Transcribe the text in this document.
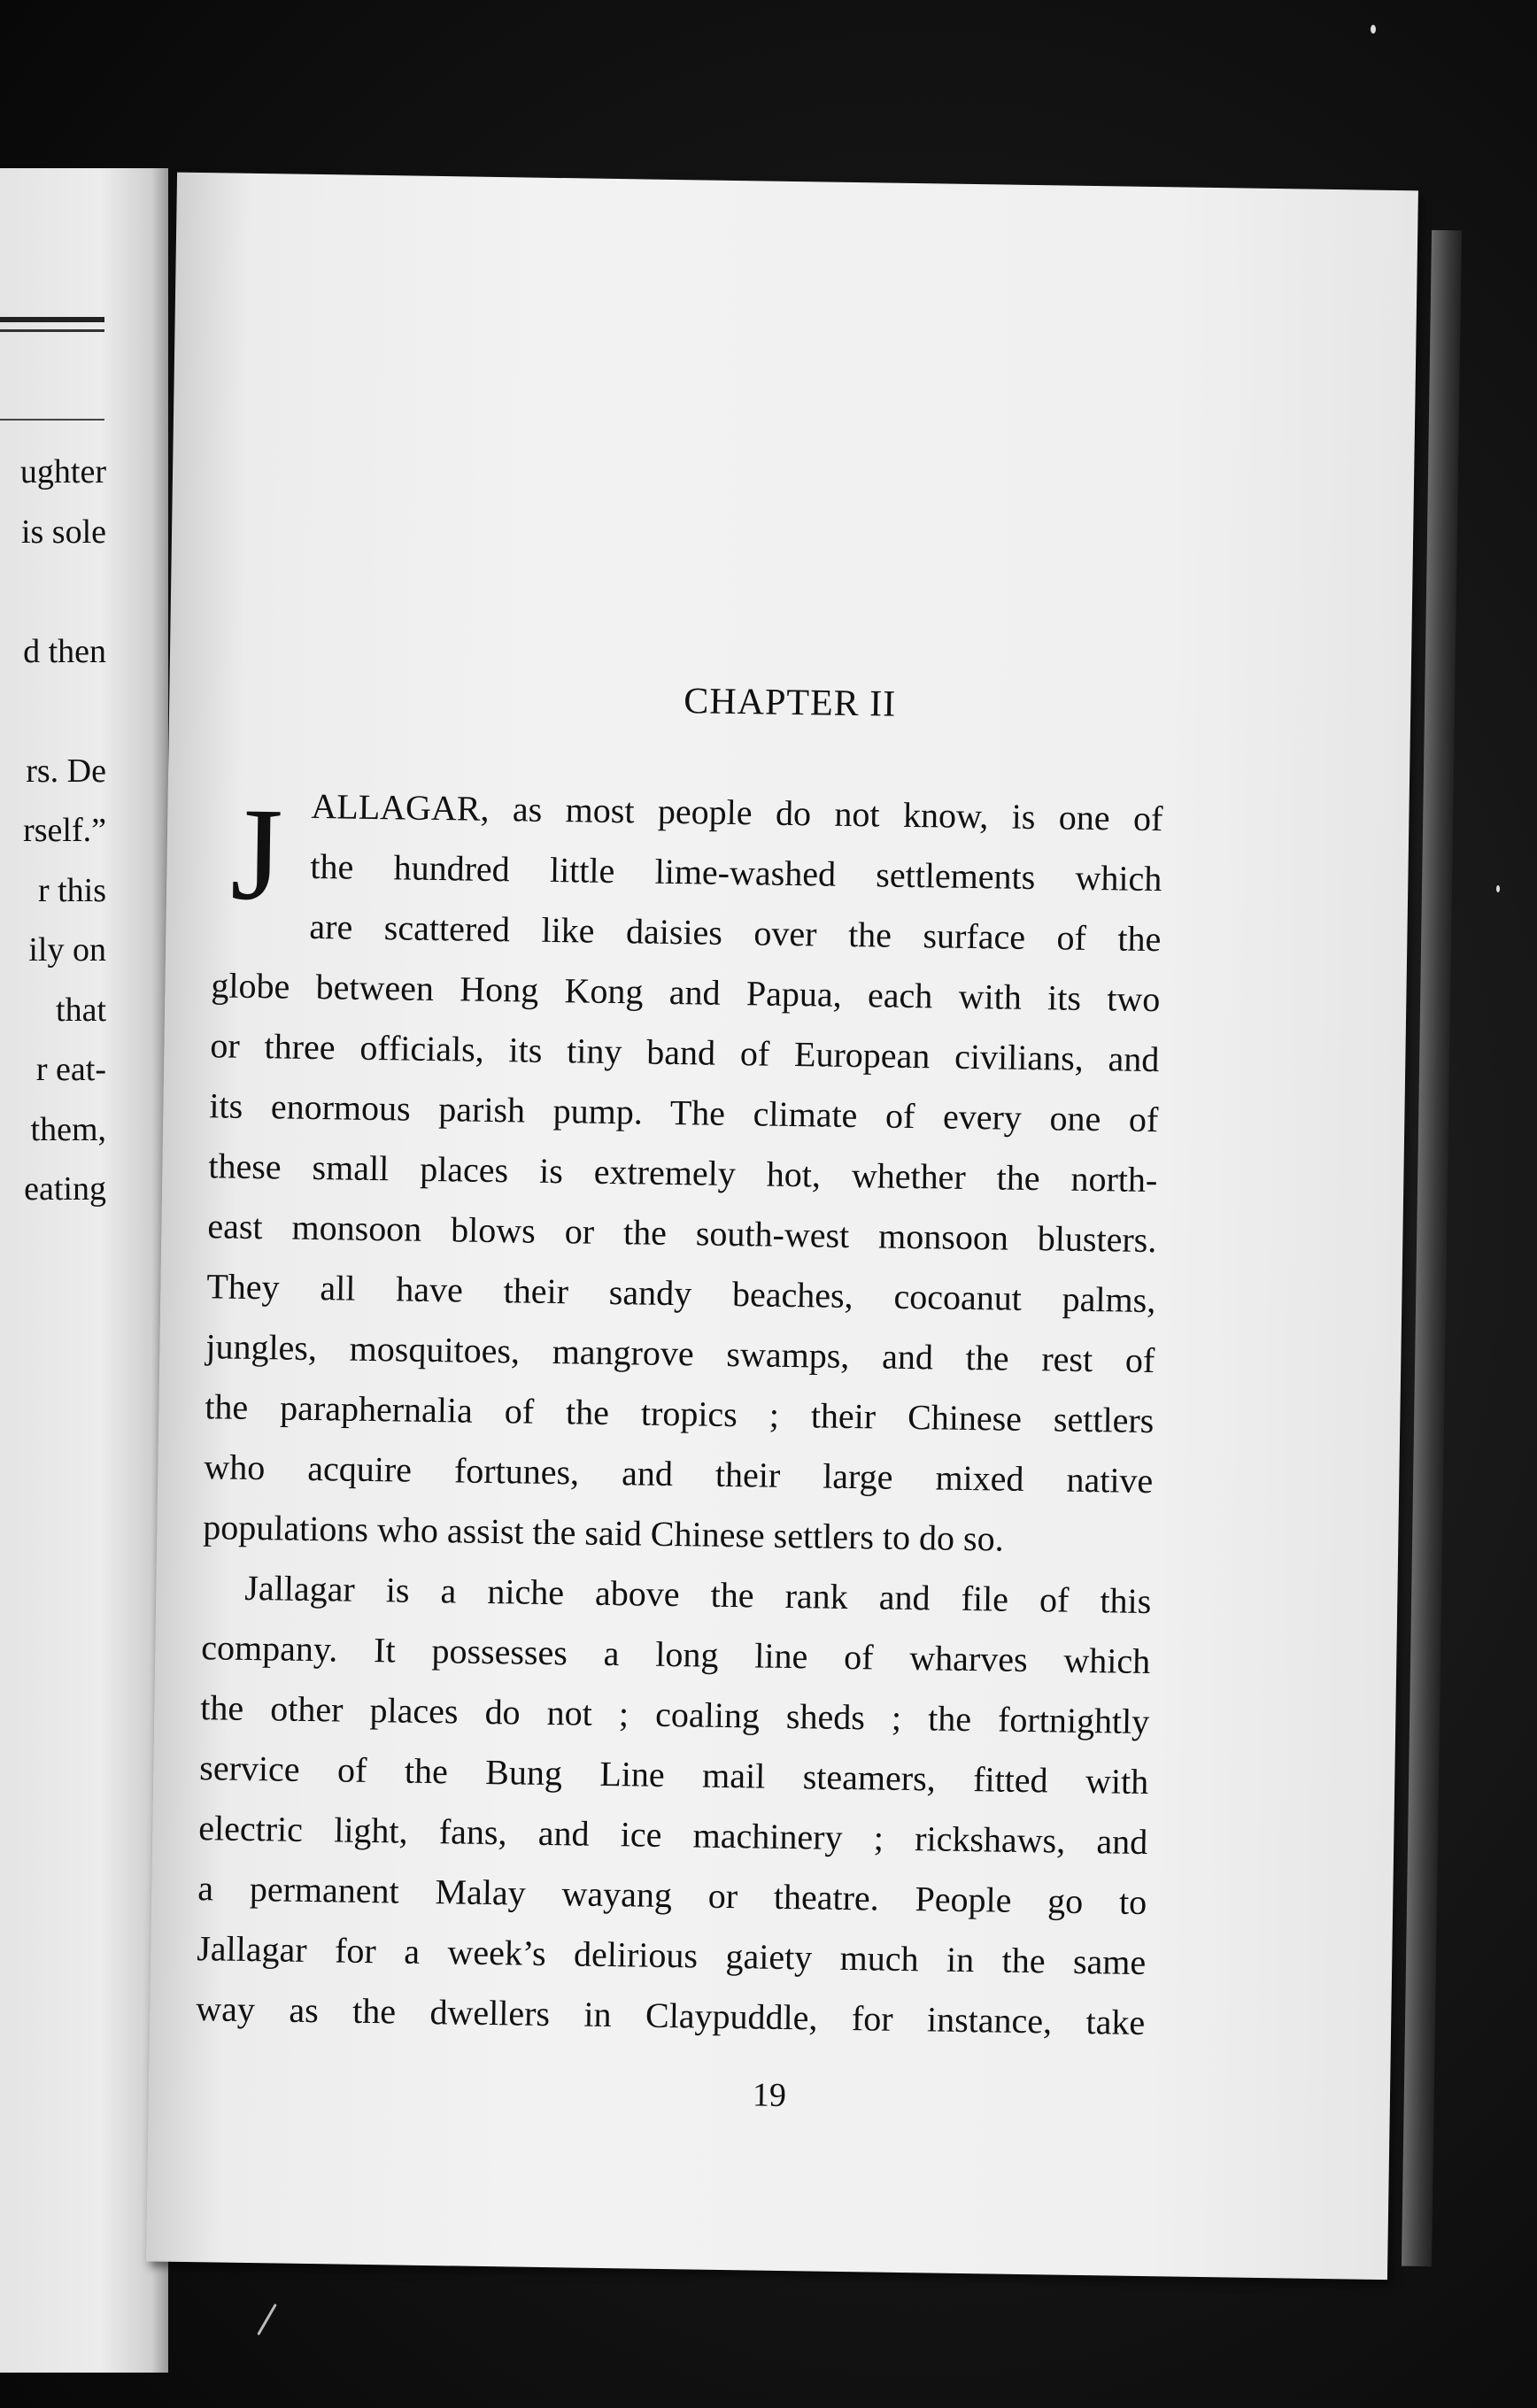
ughter
is sole
d then
rs. De
rself.”
r this
ily on
that
r eat-
them,
eating
CHAPTER II
J ALLAGAR, as most people do not know, is one of
the hundred little lime-washed settlements which
are scattered like daisies over the surface of the
globe between Hong Kong and Papua, each with its two
or three officials, its tiny band of European civilians, and
its enormous parish pump. The climate of every one of
these small places is extremely hot, whether the north-
east monsoon blows or the south-west monsoon blusters.
They all have their sandy beaches, cocoanut palms,
jungles, mosquitoes, mangrove swamps, and the rest of
the paraphernalia of the tropics ; their Chinese settlers
who acquire fortunes, and their large mixed native
populations who assist the said Chinese settlers to do so.
Jallagar is a niche above the rank and file of this
company. It possesses a long line of wharves which
the other places do not ; coaling sheds ; the fortnightly
service of the Bung Line mail steamers, fitted with
electric light, fans, and ice machinery ; rickshaws, and
a permanent Malay wayang or theatre. People go to
Jallagar for a week’s delirious gaiety much in the same
way as the dwellers in Claypuddle, for instance, take
19
